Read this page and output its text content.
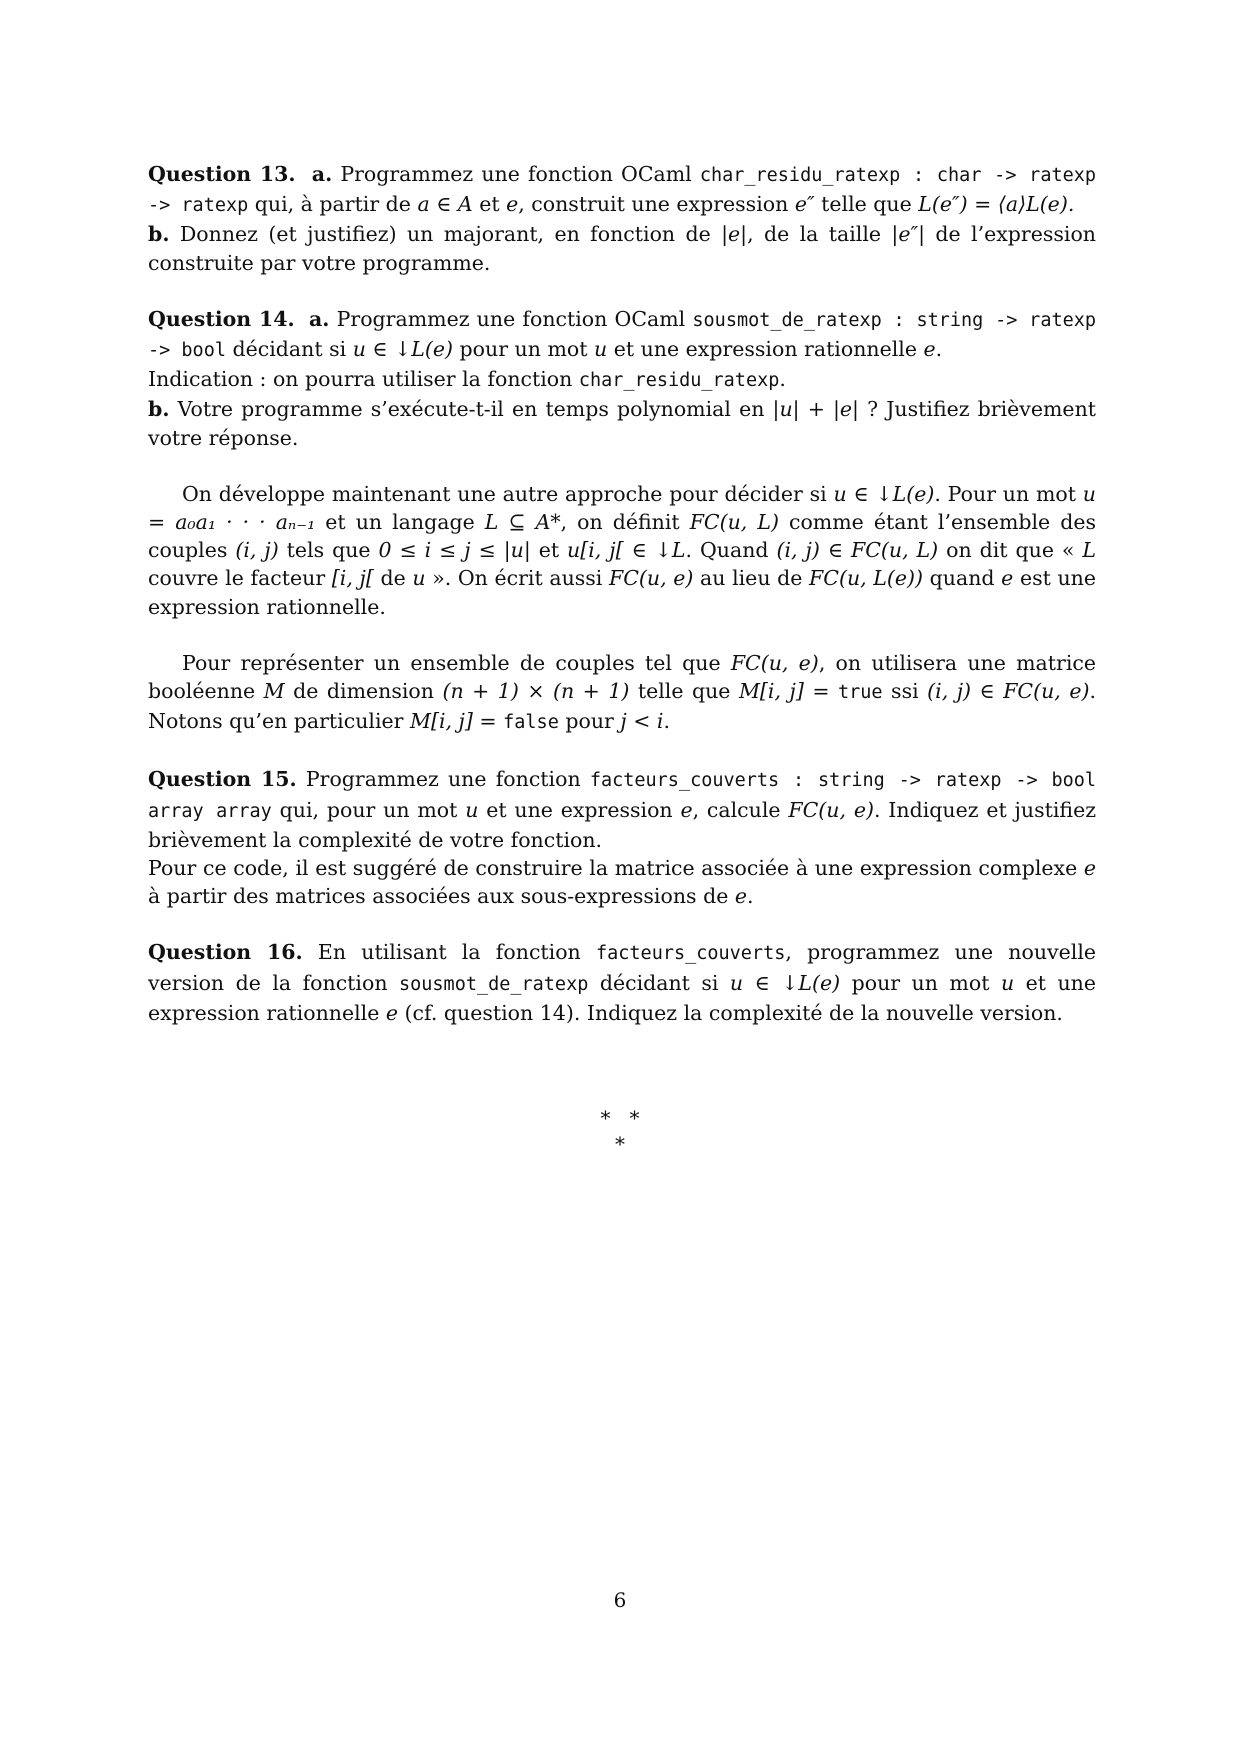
Question 13. a. Programmez une fonction OCaml char_residu_ratexp : char -> ratexp -> ratexp qui, à partir de a ∈ A et e, construit une expression e″ telle que L(e″) = ⟨a⟩L(e).

b. Donnez (et justifiez) un majorant, en fonction de |e|, de la taille |e″| de l’expression construite par votre programme.

Question 14. a. Programmez une fonction OCaml sousmot_de_ratexp : string -> ratexp -> bool décidant si u ∈ ↓L(e) pour un mot u et une expression rationnelle e.

Indication : on pourra utiliser la fonction char_residu_ratexp.

b. Votre programme s’exécute-t-il en temps polynomial en |u| + |e| ? Justifiez brièvement votre réponse.

On développe maintenant une autre approche pour décider si u ∈ ↓L(e). Pour un mot u = a₀a₁ · · · aₙ₋₁ et un langage L ⊆ A*, on définit FC(u, L) comme étant l’ensemble des couples (i, j) tels que 0 ≤ i ≤ j ≤ |u| et u[i, j[ ∈ ↓L. Quand (i, j) ∈ FC(u, L) on dit que « L couvre le facteur [i, j[ de u ». On écrit aussi FC(u, e) au lieu de FC(u, L(e)) quand e est une expression rationnelle.

Pour représenter un ensemble de couples tel que FC(u, e), on utilisera une matrice booléenne M de dimension (n + 1) × (n + 1) telle que M[i, j] = true ssi (i, j) ∈ FC(u, e). Notons qu’en particulier M[i, j] = false pour j < i.

Question 15. Programmez une fonction facteurs_couverts : string -> ratexp -> bool array array qui, pour un mot u et une expression e, calcule FC(u, e). Indiquez et justifiez brièvement la complexité de votre fonction.

Pour ce code, il est suggéré de construire la matrice associée à une expression complexe e à partir des matrices associées aux sous-expressions de e.

Question 16. En utilisant la fonction facteurs_couverts, programmez une nouvelle version de la fonction sousmot_de_ratexp décidant si u ∈ ↓L(e) pour un mot u et une expression rationnelle e (cf. question 14). Indiquez la complexité de la nouvelle version.

*   *
*
6
